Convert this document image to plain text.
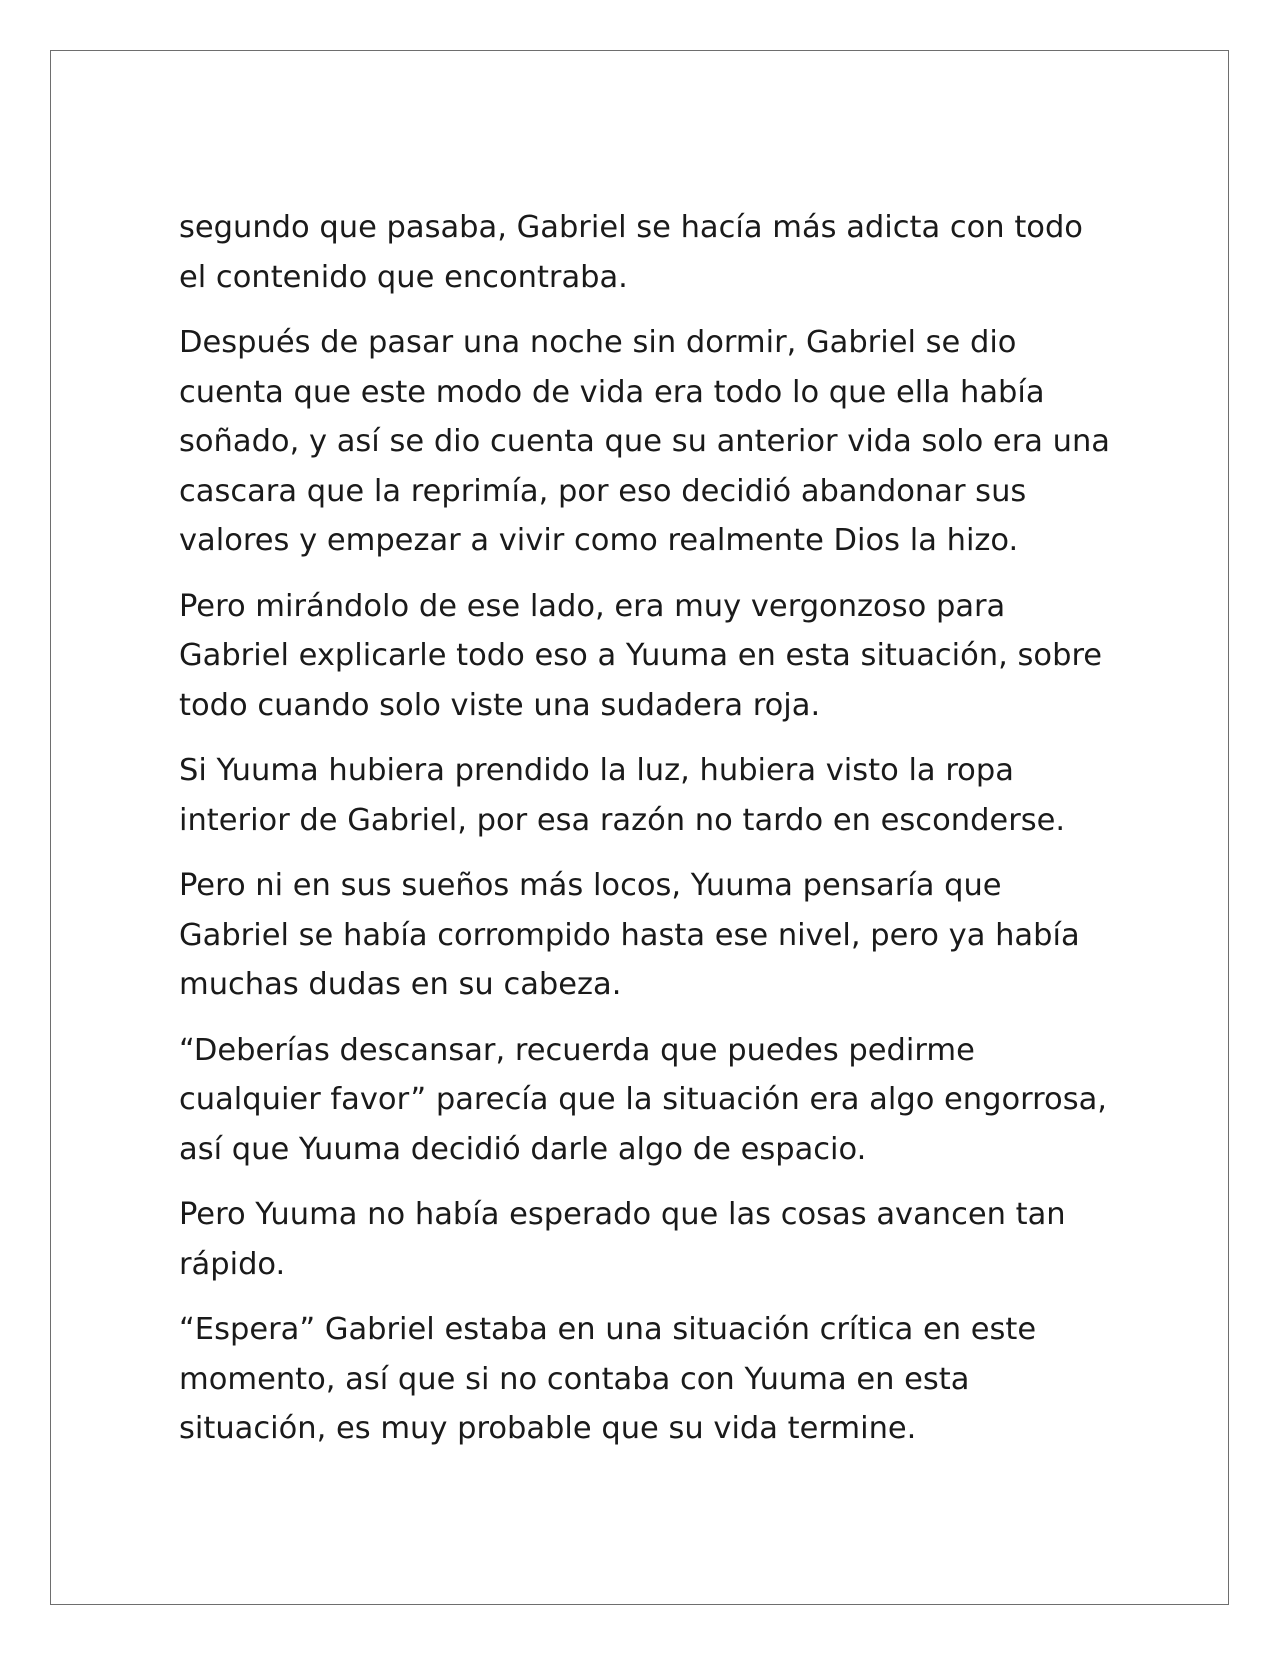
segundo que pasaba, Gabriel se hacía más adicta con todo
el contenido que encontraba.

Después de pasar una noche sin dormir, Gabriel se dio
cuenta que este modo de vida era todo lo que ella había
soñado, y así se dio cuenta que su anterior vida solo era una
cascara que la reprimía, por eso decidió abandonar sus
valores y empezar a vivir como realmente Dios la hizo.

Pero mirándolo de ese lado, era muy vergonzoso para
Gabriel explicarle todo eso a Yuuma en esta situación, sobre
todo cuando solo viste una sudadera roja.

Si Yuuma hubiera prendido la luz, hubiera visto la ropa
interior de Gabriel, por esa razón no tardo en esconderse.

Pero ni en sus sueños más locos, Yuuma pensaría que
Gabriel se había corrompido hasta ese nivel, pero ya había
muchas dudas en su cabeza.

“Deberías descansar, recuerda que puedes pedirme
cualquier favor” parecía que la situación era algo engorrosa,
así que Yuuma decidió darle algo de espacio.

Pero Yuuma no había esperado que las cosas avancen tan
rápido.

“Espera” Gabriel estaba en una situación crítica en este
momento, así que si no contaba con Yuuma en esta
situación, es muy probable que su vida termine.
